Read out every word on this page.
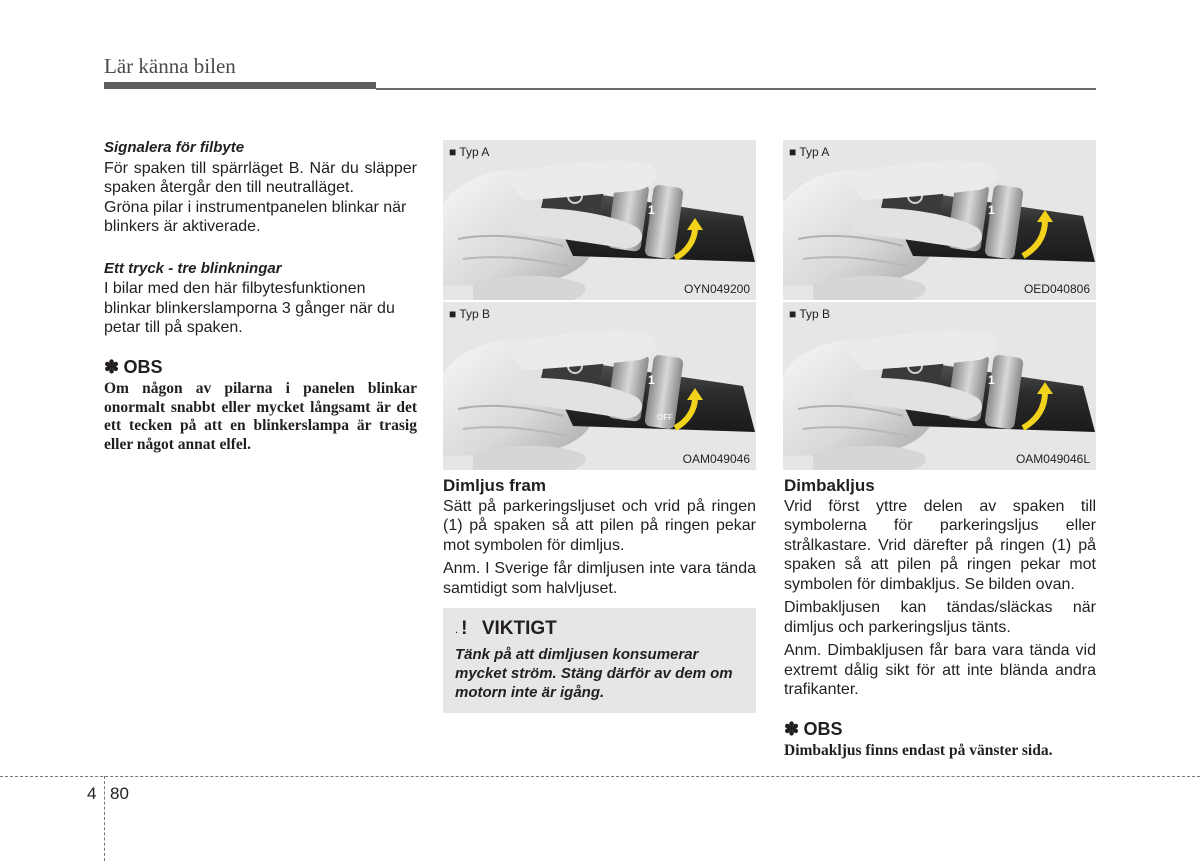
Lär känna bilen
Signalera för filbyte

För spaken till spärrläget B. När du släpper spaken återgår den till neutralläget.

Gröna pilar i instrumentpanelen blinkar när blinkers är aktiverade.

Ett tryck - tre blinkningar

I bilar med den här filbytesfunktionen blinkar blinkerslamporna 3 gånger när du petar till på spaken.

✽ OBS
Om någon av pilarna i panelen blinkar onormalt snabbt eller mycket långsamt är det ett tecken på att en blinkerslampa är trasig eller något annat elfel.
■ Typ A
1
OYN049200
■ Typ B
1
OFF
OAM049046
■ Typ A
1
OED040806
■ Typ B
1
OAM049046L
Dimljus fram

Sätt på parkeringsljuset och vrid på ringen (1) på spaken så att pilen på ringen pekar mot symbolen för dimljus.

Anm. I Sverige får dimljusen inte vara tända samtidigt som halvljuset.

. ! VIKTIGT
Tänk på att dimljusen konsumerar mycket ström. Stäng därför av dem om motorn inte är igång.
Dimbakljus

Vrid först yttre delen av spaken till symbolerna för parkeringsljus eller strålkastare. Vrid därefter på ringen (1) på spaken så att pilen på ringen pekar mot symbolen för dimbakljus. Se bilden ovan.

Dimbakljusen kan tändas/släckas när dimljus och parkeringsljus tänts.

Anm. Dimbakljusen får bara vara tända vid extremt dålig sikt för att inte blända andra trafikanter.

✽ OBS
Dimbakljus finns endast på vänster sida.
4 80
